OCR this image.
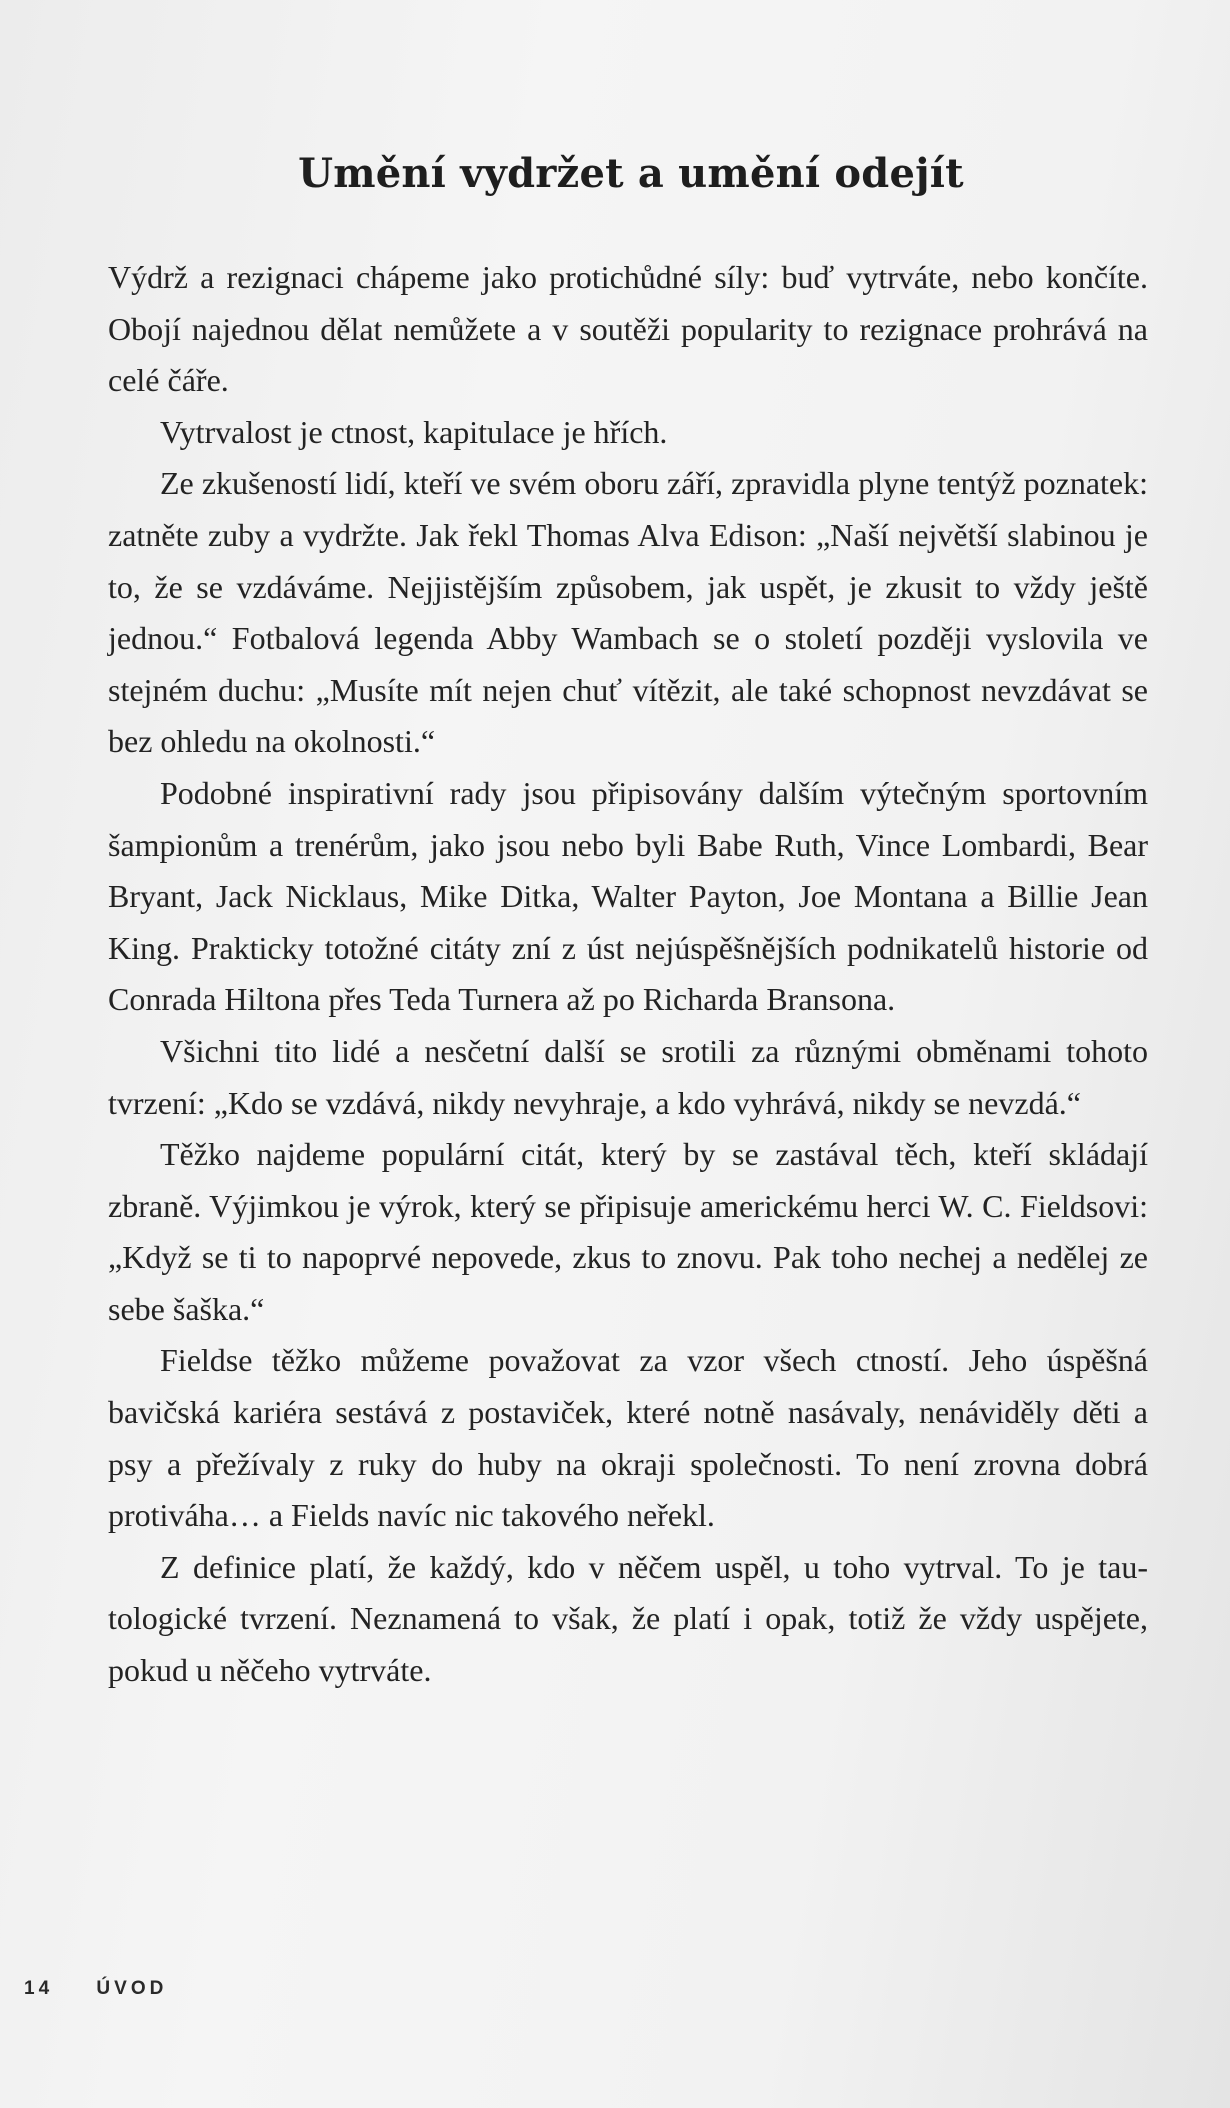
Umění vydržet a umění odejít

Výdrž a rezignaci chápeme jako protichůdné síly: buď vytrváte, nebo končíte. Obojí najednou dělat nemůžete a v soutěži popularity to rezignace prohrává na celé čáře.

Vytrvalost je ctnost, kapitulace je hřích.

Ze zkušeností lidí, kteří ve svém oboru září, zpravidla plyne tentýž poznatek: zatněte zuby a vydržte. Jak řekl Thomas Alva Edison: „Naší největší slabinou je to, že se vzdáváme. Nejjistějším způsobem, jak uspět, je zkusit to vždy ještě jednou.“ Fotbalová legenda Abby Wambach se o století později vyslovila ve stejném duchu: „Musíte mít nejen chuť vítězit, ale také schopnost nevzdávat se bez ohledu na okolnosti.“

Podobné inspirativní rady jsou připisovány dalším výtečným sportovním šampionům a trenérům, jako jsou nebo byli Babe Ruth, Vince Lombardi, Bear Bryant, Jack Nicklaus, Mike Ditka, Walter Payton, Joe Montana a Billie Jean King. Prakticky totožné citáty zní z úst nejúspěšnějších podnikatelů historie od Conrada Hiltona přes Teda Turnera až po Richarda Bransona.

Všichni tito lidé a nesčetní další se srotili za různými obměnami tohoto tvrzení: „Kdo se vzdává, nikdy nevyhraje, a kdo vyhrává, nikdy se nevzdá.“

Těžko najdeme populární citát, který by se zastával těch, kteří skládají zbraně. Výjimkou je výrok, který se připisuje americkému herci W. C. Fieldsovi: „Když se ti to napoprvé nepovede, zkus to znovu. Pak toho nechej a nedělej ze sebe šaška.“

Fieldse těžko můžeme považovat za vzor všech ctností. Jeho úspěšná bavičská kariéra sestává z postaviček, které notně nasávaly, nenáviděly děti a psy a přežívaly z ruky do huby na okraji společnosti. To není zrovna dobrá protiváha… a Fields navíc nic takového neřekl.

Z definice platí, že každý, kdo v něčem uspěl, u toho vytrval. To je tautologické tvrzení. Neznamená to však, že platí i opak, totiž že vždy uspějete, pokud u něčeho vytrváte.

14 ÚVOD
